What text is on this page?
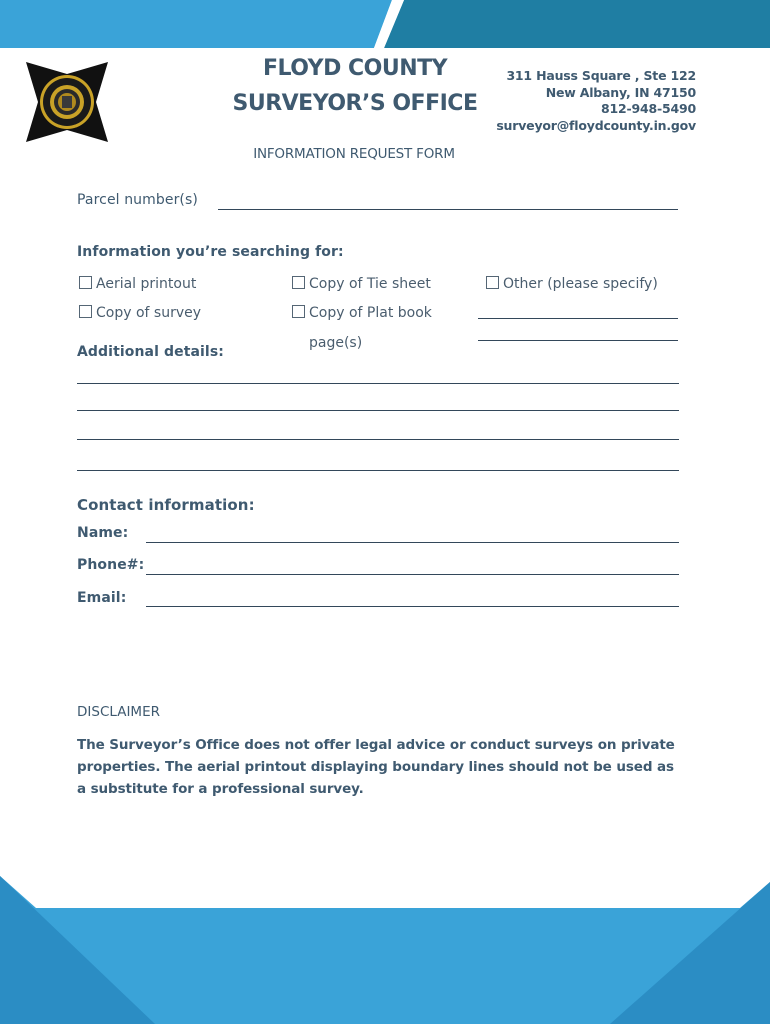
FLOYD COUNTY
SURVEYOR’S OFFICE
311 Hauss Square , Ste 122
New Albany, IN 47150
812-948-5490
surveyor@floydcounty.in.gov
INFORMATION REQUEST FORM
Parcel number(s)
Information you’re searching for:
Aerial printout
Copy of survey
Copy of Tie sheet
Copy of Plat book
page(s)
Other (please specify)
Additional details:
Contact information:
Name:
Phone#:
Email:
DISCLAIMER
The Surveyor’s Office does not offer legal advice or conduct surveys on private
properties. The aerial printout displaying boundary lines should not be used as
a substitute for a professional survey.
